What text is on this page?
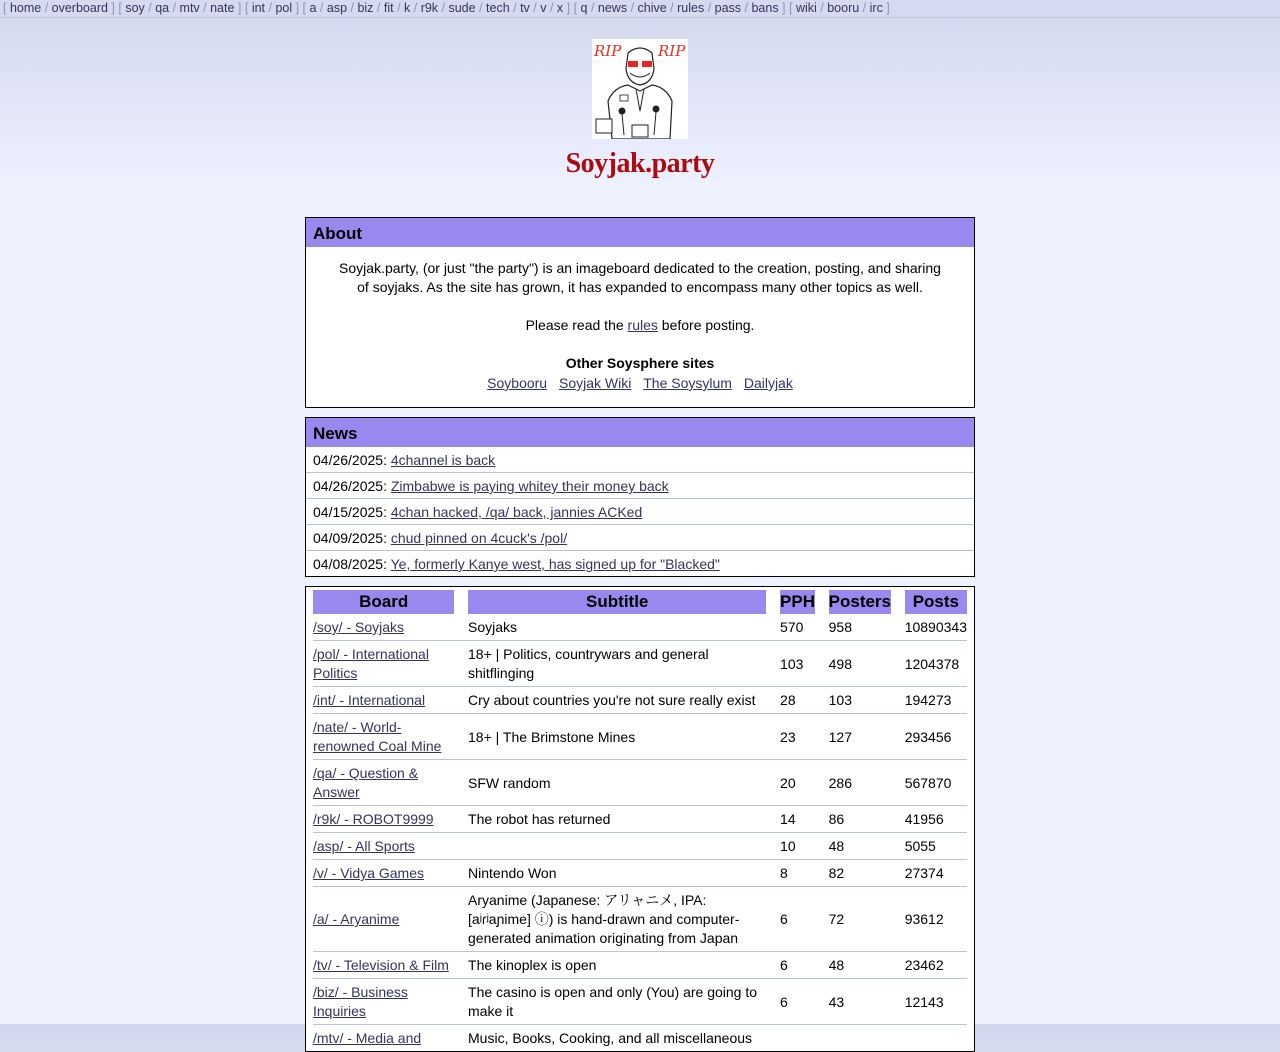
[ home / overboard ] [ soy / qa / mtv / nate ] [ int / pol ] [ a / asp / biz / fit / k / r9k / sude / tech / tv / v / x ] [ q / news / chive / rules / pass / bans ] [ wiki / booru / irc ]
RIP RIP
Soyjak.party
About

Soyjak.party, (or just "the party") is an imageboard dedicated to the creation, posting, and sharing of soyjaks. As the site has grown, it has expanded to encompass many other topics as well.

Please read the rules before posting.

Other Soysphere sites

Soybooru Soyjak Wiki The Soysylum Dailyjak

News
04/26/2025: 4channel is back
04/26/2025: Zimbabwe is paying whitey their money back
04/15/2025: 4chan hacked, /qa/ back, jannies ACKed
04/09/2025: chud pinned on 4cuck's /pol/
04/08/2025: Ye, formerly Kanye west, has signed up for "Blacked"
Board		Subtitle		PPH		Posters		Posts
/soy/ - Soyjaks		Soyjaks		570		958		10890343
/pol/ - International Politics		18+ | Politics, countrywars and general shitflinging		103		498		1204378
/int/ - International		Cry about countries you're not sure really exist		28		103		194273
/nate/ - World-renowned Coal Mine		18+ | The Brimstone Mines		23		127		293456
/qa/ - Question & Answer		SFW random		20		286		567870
/r9k/ - ROBOT9999		The robot has returned		14		86		41956
/asp/ - All Sports				10		48		5055
/v/ - Vidya Games		Nintendo Won		8		82		27374
/a/ - Aryanime		Aryanime (Japanese: アリャニメ, IPA: [aʲɾʲaɲime] ⓘ) is hand-drawn and computer-generated animation originating from Japan		6		72		93612
/tv/ - Television & Film		The kinoplex is open		6		48		23462
/biz/ - Business Inquiries		The casino is open and only (You) are going to make it		6		43		12143
/mtv/ - Media and		Music, Books, Cooking, and all miscellaneous						
